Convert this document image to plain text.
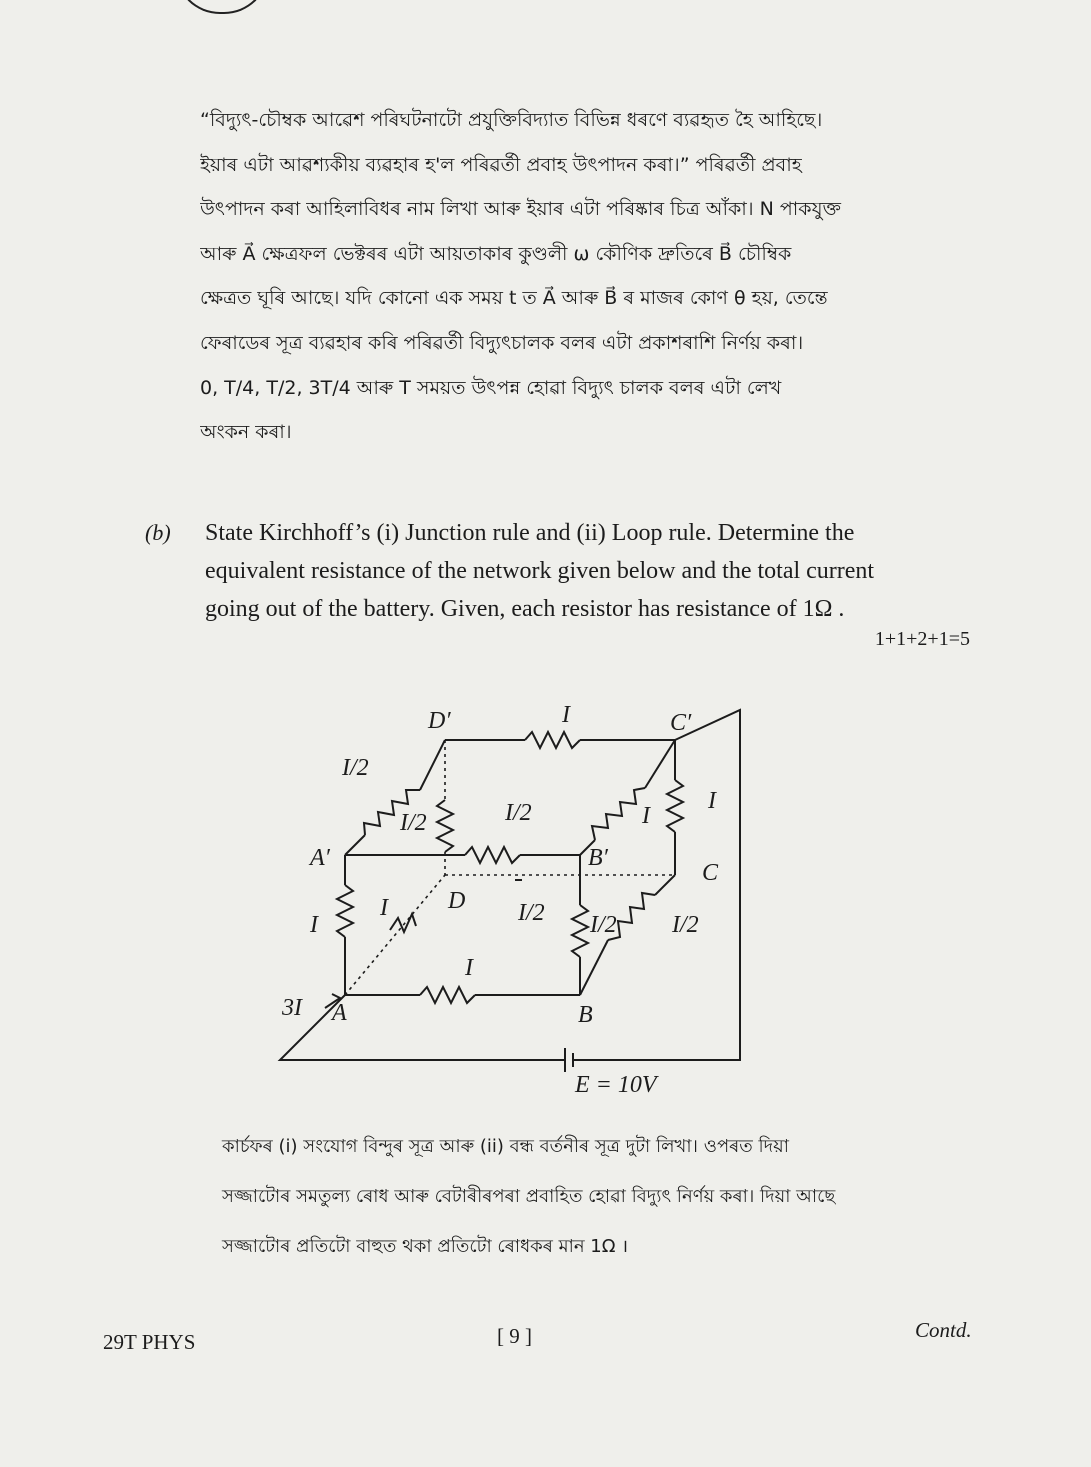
“বিদ্যুৎ-চৌম্বক আৱেশ পৰিঘটনাটো প্ৰযুক্তিবিদ্যাত বিভিন্ন ধৰণে ব্যৱহৃত হৈ আহিছে।
ইয়াৰ এটা আৱশ্যকীয় ব্যৱহাৰ হ'ল পৰিৱৰ্তী প্ৰবাহ উৎপাদন কৰা।” পৰিৱৰ্তী প্ৰবাহ
উৎপাদন কৰা আহিলাবিধৰ নাম লিখা আৰু ইয়াৰ এটা পৰিষ্কাৰ চিত্ৰ আঁকা। N পাকযুক্ত
আৰু A⃗ ক্ষেত্ৰফল ভেক্টৰৰ এটা আয়তাকাৰ কুণ্ডলী ω কৌণিক দ্ৰুতিৰে B⃗ চৌম্বিক
ক্ষেত্ৰত ঘূৰি আছে। যদি কোনো এক সময় t ত A⃗ আৰু B⃗ ৰ মাজৰ কোণ θ হয়, তেন্তে
ফেৰাডেৰ সূত্ৰ ব্যৱহাৰ কৰি পৰিৱৰ্তী বিদ্যুৎচালক বলৰ এটা প্ৰকাশৰাশি নিৰ্ণয় কৰা।
0, T/4, T/2, 3T/4 আৰু T সময়ত উৎপন্ন হোৱা বিদ্যুৎ চালক বলৰ এটা লেখ
অংকন কৰা।
(b) State Kirchhoff’s (i) Junction rule and (ii) Loop rule. Determine the
equivalent resistance of the network given below and the total current
going out of the battery. Given, each resistor has resistance of 1Ω .
1+1+2+1=5
D′	C′
A′	B′
D
C
A	B
I
I/2
I/2	I/2	I
I
I
I	I/2 I/2 I/2
I
3I
E = 10V
কাৰ্চফৰ (i) সংযোগ বিন্দুৰ সূত্ৰ আৰু (ii) বন্ধ বৰ্তনীৰ সূত্ৰ দুটা লিখা। ওপৰত দিয়া
সজ্জাটোৰ সমতুল্য ৰোধ আৰু বেটাৰীৰপৰা প্ৰবাহিত হোৱা বিদ্যুৎ নিৰ্ণয় কৰা। দিয়া আছে
সজ্জাটোৰ প্ৰতিটো বাহুত থকা প্ৰতিটো ৰোধকৰ মান 1Ω ।
29T PHYS	[ 9 ]	Contd.
